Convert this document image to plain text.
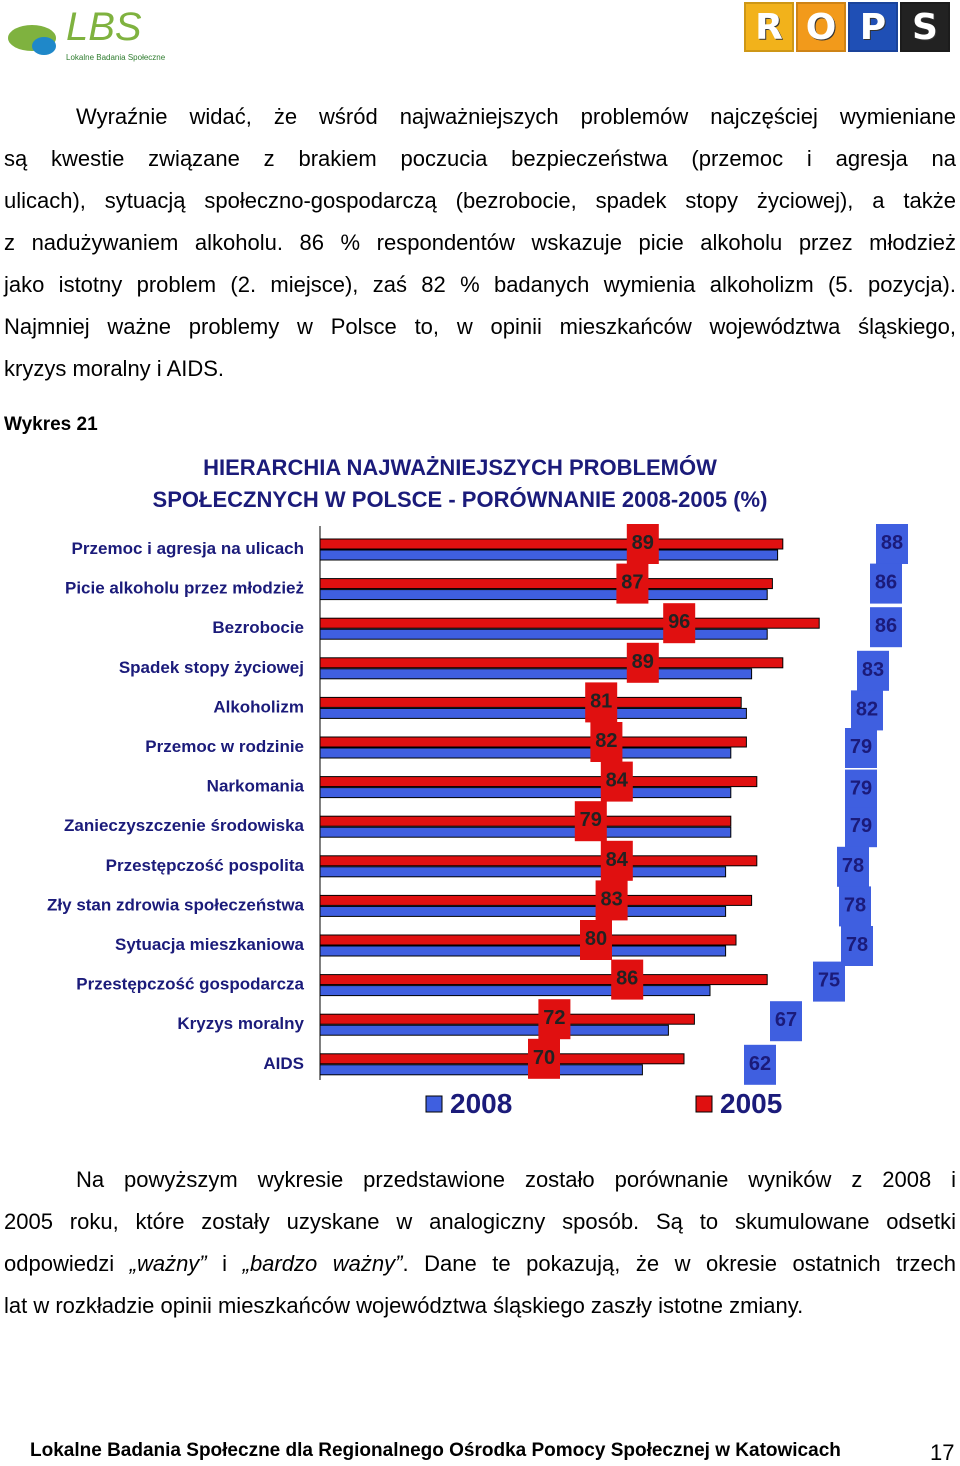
LBS
Lokalne Badania Społeczne
R O P S

Wyraźnie widać, że wśród najważniejszych problemów najczęściej wymieniane
są kwestie związane z brakiem poczucia bezpieczeństwa (przemoc i agresja na
ulicach), sytuacją społeczno-gospodarczą (bezrobocie, spadek stopy życiowej), a także
z nadużywaniem alkoholu. 86 % respondentów wskazuje picie alkoholu przez młodzież
jako istotny problem (2. miejsce), zaś 82 % badanych wymienia alkoholizm (5. pozycja).
Najmniej ważne problemy w Polsce to, w opinii mieszkańców województwa śląskiego,
kryzys moralny i AIDS.

Wykres 21

HIERARCHIA NAJWAŻNIEJSZYCH PROBLEMÓW
SPOŁECZNYCH W POLSCE - PORÓWNANIE 2008-2005 (%)
Przemoc i agresja na ulicach	89	88
Picie alkoholu przez młodzież	87	86
Bezrobocie	96	86
Spadek stopy życiowej	89	83
Alkoholizm	81	82
Przemoc w rodzinie	82	79
Narkomania	84	79
Zanieczyszczenie środowiska	79	79
Przestępczość pospolita	84	78
Zły stan zdrowia społeczeństwa	83	78
Sytuacja mieszkaniowa	80	78
Przestępczość gospodarcza	86	75
Kryzys moralny	72	67
AIDS	70	62
2008	2005

Na powyższym wykresie przedstawione zostało porównanie wyników z 2008 i
2005 roku, które zostały uzyskane w analogiczny sposób. Są to skumulowane odsetki
odpowiedzi „ważny” i „bardzo ważny”. Dane te pokazują, że w okresie ostatnich trzech
lat w rozkładzie opinii mieszkańców województwa śląskiego zaszły istotne zmiany.

Lokalne Badania Społeczne dla Regionalnego Ośrodka Pomocy Społecznej w Katowicach	17
